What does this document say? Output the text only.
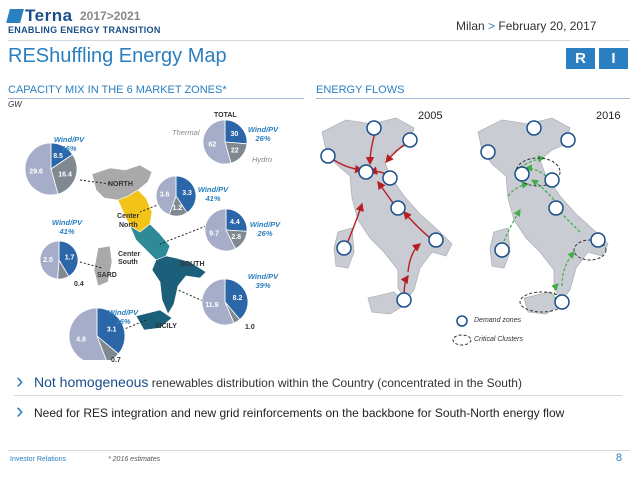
Terna 2017>2021
ENABLING ENERGY TRANSITION	Milan > February 20, 2017
REShuffling Energy Map	R	I
CAPACITY MIX IN THE 6 MARKET ZONES*
GW
ENERGY FLOWS
30
22
62
8.5
16.4
29.6
3.3
1.2
3.6
4.4
2.8
9.7
1.7
2.0
8.2
11.9
3.1
4.8
NORTH
Center
North
Center
South	SOUTH
SARD
SICILY
TOTAL
Thermal
Hydro
Wind/PV
26%
Wind/PV
16%
Wind/PV
41%
Wind/PV
26%
Wind/PV
41%
Wind/PV
39%
Wind/PV
36%
0.4
1.0
0.7
2005	2016
Demand zones
Critical Clusters
› Not homogeneous renewables distribution within the Country (concentrated in the South)
› Need for RES integration and new grid reinforcements on the backbone for South-North energy flow
Investor Relations	* 2016 estimates	8
